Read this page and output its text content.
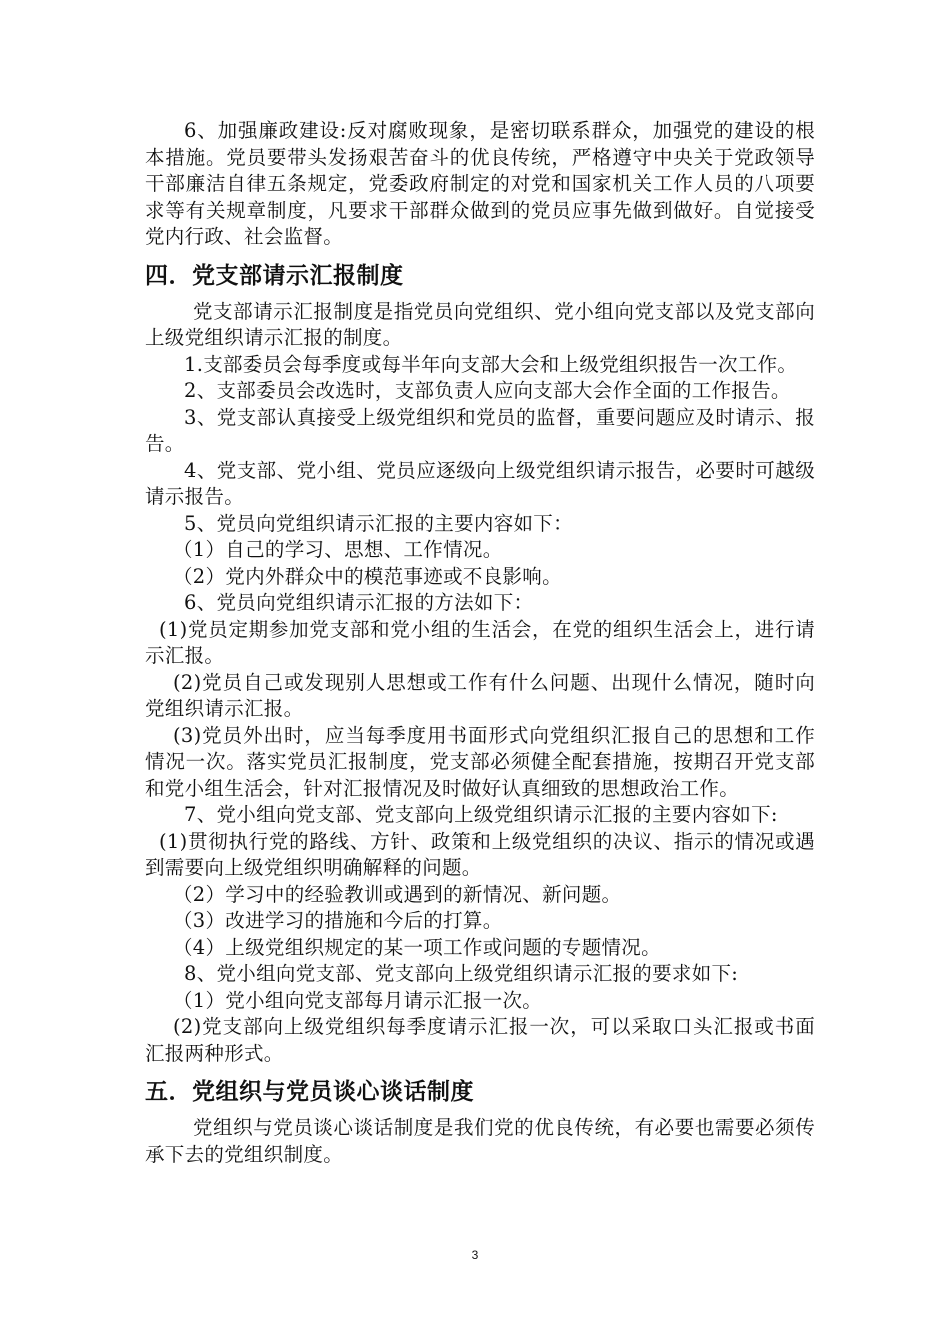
6、加强廉政建设:反对腐败现象，是密切联系群众，加强党的建设的根本措施。党员要带头发扬艰苦奋斗的优良传统，严格遵守中央关于党政领导干部廉洁自律五条规定，党委政府制定的对党和国家机关工作人员的八项要求等有关规章制度，凡要求干部群众做到的党员应事先做到做好。自觉接受党内行政、社会监督。

四．党支部请示汇报制度

党支部请示汇报制度是指党员向党组织、党小组向党支部以及党支部向上级党组织请示汇报的制度。

1.支部委员会每季度或每半年向支部大会和上级党组织报告一次工作。

2、支部委员会改选时，支部负责人应向支部大会作全面的工作报告。

3、党支部认真接受上级党组织和党员的监督，重要问题应及时请示、报告。

4、党支部、党小组、党员应逐级向上级党组织请示报告，必要时可越级请示报告。

5、党员向党组织请示汇报的主要内容如下：

（1）自己的学习、思想、工作情况。

（2）党内外群众中的模范事迹或不良影响。

6、党员向党组织请示汇报的方法如下：

(1)党员定期参加党支部和党小组的生活会，在党的组织生活会上，进行请示汇报。

(2)党员自己或发现别人思想或工作有什么问题、出现什么情况，随时向党组织请示汇报。

(3)党员外出时，应当每季度用书面形式向党组织汇报自己的思想和工作情况一次。落实党员汇报制度，党支部必须健全配套措施，按期召开党支部和党小组生活会，针对汇报情况及时做好认真细致的思想政治工作。

7、党小组向党支部、党支部向上级党组织请示汇报的主要内容如下:

(1)贯彻执行党的路线、方针、政策和上级党组织的决议、指示的情况或遇到需要向上级党组织明确解释的问题。

（2）学习中的经验教训或遇到的新情况、新问题。

（3）改进学习的措施和今后的打算。

（4）上级党组织规定的某一项工作或问题的专题情况。

8、党小组向党支部、党支部向上级党组织请示汇报的要求如下:

（1）党小组向党支部每月请示汇报一次。

(2)党支部向上级党组织每季度请示汇报一次，可以采取口头汇报或书面汇报两种形式。

五．党组织与党员谈心谈话制度

党组织与党员谈心谈话制度是我们党的优良传统，有必要也需要必须传承下去的党组织制度。

3
